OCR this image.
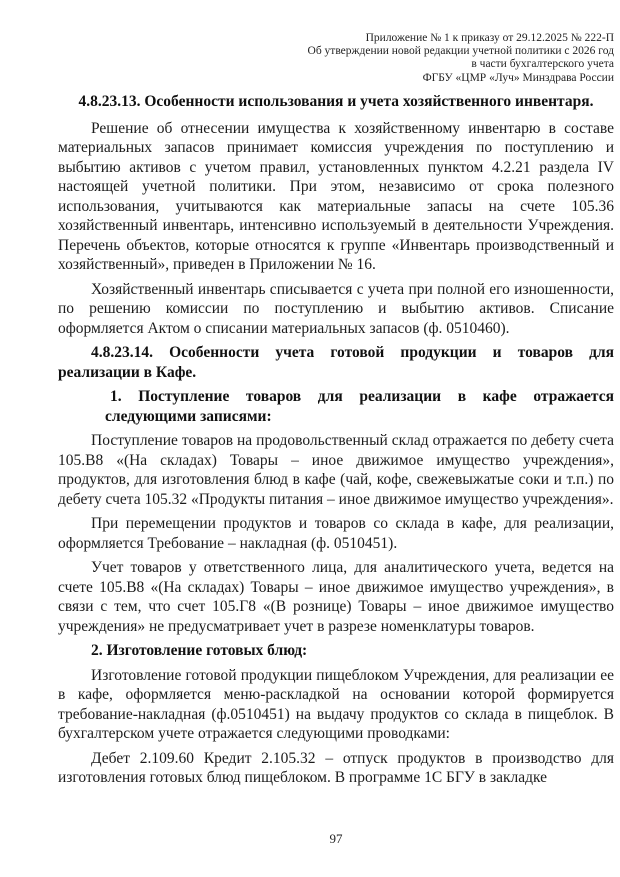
Приложение № 1 к приказу от 29.12.2025 № 222-П
Об утверждении новой редакции учетной политики с 2026 год
в части бухгалтерского учета
ФГБУ «ЦМР «Луч» Минздрава России
4.8.23.13. Особенности использования и учета хозяйственного инвентаря.

Решение об отнесении имущества к хозяйственному инвентарю в составе материальных запасов принимает комиссия учреждения по поступлению и выбытию активов с учетом правил, установленных пунктом 4.2.21 раздела IV настоящей учетной политики. При этом, независимо от срока полезного использования, учитываются как материальные запасы на счете 105.36 хозяйственный инвентарь, интенсивно используемый в деятельности Учреждения. Перечень объектов, которые относятся к группе «Инвентарь производственный и хозяйственный», приведен в Приложении № 16.

Хозяйственный инвентарь списывается с учета при полной его изношенности, по решению комиссии по поступлению и выбытию активов. Списание оформляется Актом о списании материальных запасов (ф. 0510460).

4.8.23.14. Особенности учета готовой продукции и товаров для реализации в Кафе.

1. Поступление товаров для реализации в кафе отражается следующими записями:

Поступление товаров на продовольственный склад отражается по дебету счета 105.В8 «(На складах) Товары – иное движимое имущество учреждения», продуктов, для изготовления блюд в кафе (чай, кофе, свежевыжатые соки и т.п.) по дебету счета 105.32 «Продукты питания – иное движимое имущество учреждения».

При перемещении продуктов и товаров со склада в кафе, для реализации, оформляется Требование – накладная (ф. 0510451).

Учет товаров у ответственного лица, для аналитического учета, ведется на счете 105.В8 «(На складах) Товары – иное движимое имущество учреждения», в связи с тем, что счет 105.Г8 «(В рознице) Товары – иное движимое имущество учреждения» не предусматривает учет в разрезе номенклатуры товаров.

2. Изготовление готовых блюд:

Изготовление готовой продукции пищеблоком Учреждения, для реализации ее в кафе, оформляется меню-раскладкой на основании которой формируется требование-накладная (ф.0510451) на выдачу продуктов со склада в пищеблок. В бухгалтерском учете отражается следующими проводками:

Дебет 2.109.60 Кредит 2.105.32 – отпуск продуктов в производство для изготовления готовых блюд пищеблоком. В программе 1С БГУ в закладке

97
